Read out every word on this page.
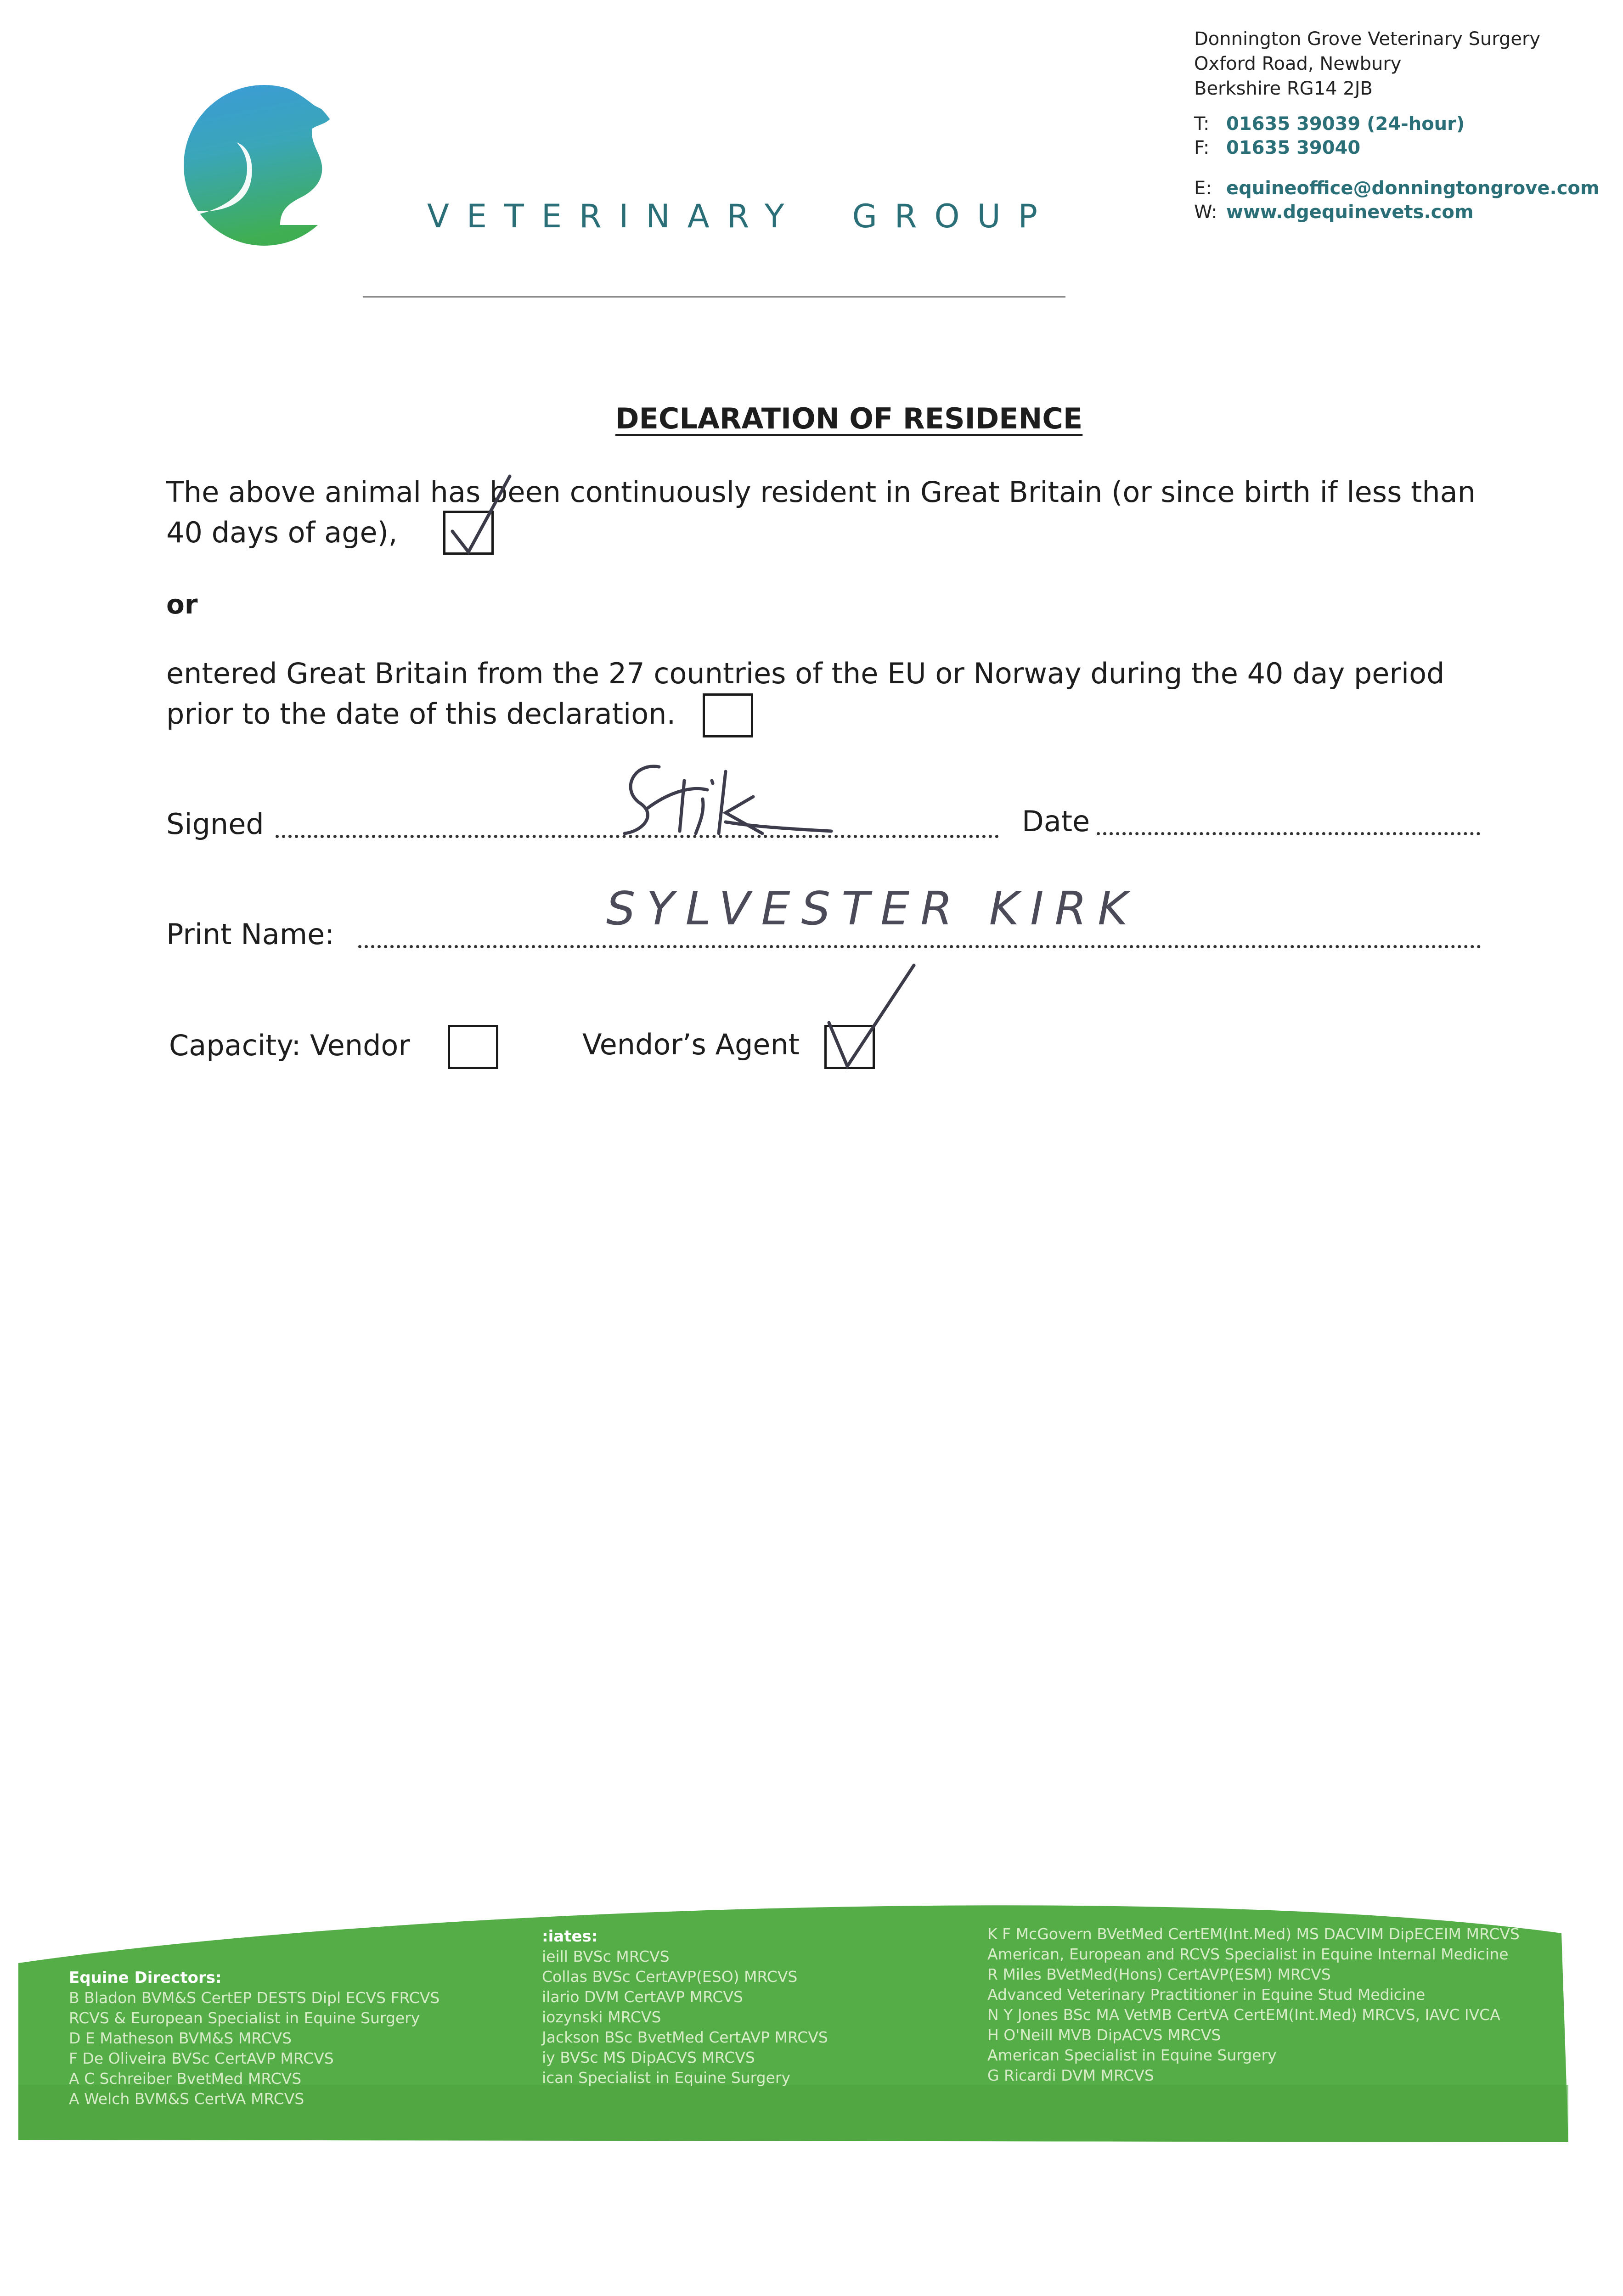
VETERINARY GROUP
Donnington Grove Veterinary Surgery
Oxford Road, Newbury
Berkshire RG14 2JB
T: 01635 39039 (24-hour)
F: 01635 39040
E: equineoffice@donningtongrove.com
W: www.dgequinevets.com
DECLARATION OF RESIDENCE
The above animal has been continuously resident in Great Britain (or since birth if less than
40 days of age),
or
entered Great Britain from the 27 countries of the EU or Norway during the 40 day period
prior to the date of this declaration.
Signed	Date
Print Name:	SYLVESTER KIRK
Capacity: Vendor	Vendor’s Agent
Equine Directors:
B Bladon BVM&S CertEP DESTS Dipl ECVS FRCVS
RCVS & European Specialist in Equine Surgery
D E Matheson BVM&S MRCVS
F De Oliveira BVSc CertAVP MRCVS
A C Schreiber BvetMed MRCVS
A Welch BVM&S CertVA MRCVS
:iates:
ieill BVSc MRCVS
Collas BVSc CertAVP(ESO) MRCVS
ilario DVM CertAVP MRCVS
iozynski MRCVS
Jackson BSc BvetMed CertAVP MRCVS
iy BVSc MS DipACVS MRCVS
ican Specialist in Equine Surgery
K F McGovern BVetMed CertEM(Int.Med) MS DACVIM DipECEIM MRCVS
American, European and RCVS Specialist in Equine Internal Medicine
R Miles BVetMed(Hons) CertAVP(ESM) MRCVS
Advanced Veterinary Practitioner in Equine Stud Medicine
N Y Jones BSc MA VetMB CertVA CertEM(Int.Med) MRCVS, IAVC IVCA
H O'Neill MVB DipACVS MRCVS
American Specialist in Equine Surgery
G Ricardi DVM MRCVS
